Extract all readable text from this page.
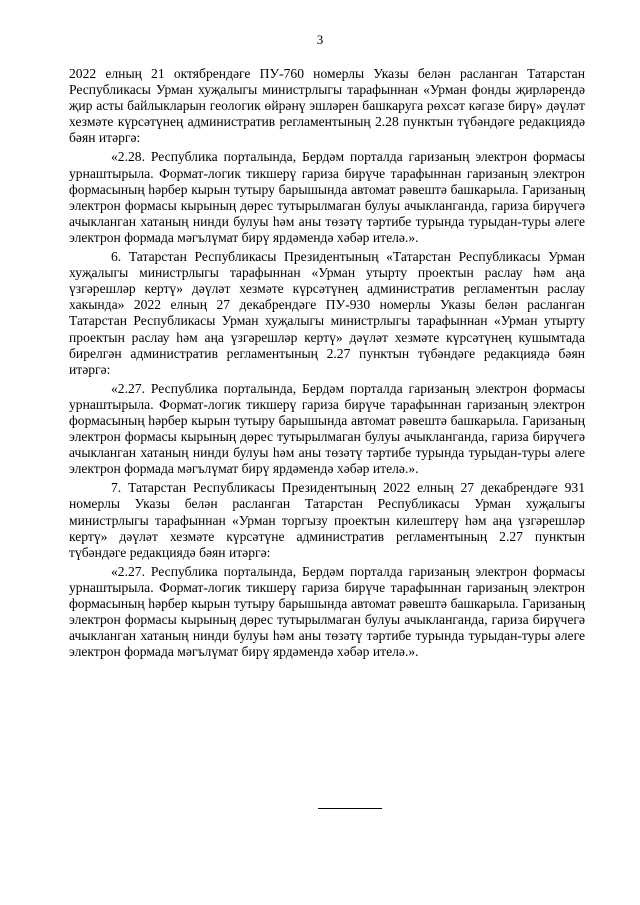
3

2022 елның 21 октябрендәге ПУ-760 номерлы Указы белән расланган Татарстан Республикасы Урман хуҗалыгы министрлыгы тарафыннан «Урман фонды җирләрендә җир асты байлыкларын геологик өйрәнү эшләрен башкаруга рөхсәт кәгазе бирү» дәүләт хезмәте күрсәтүнең административ регламентының 2.28 пунктын түбәндәге редакциядә бәян итәргә:

«2.28. Республика порталында, Бердәм порталда гаризаның электрон формасы урнаштырыла. Формат-логик тикшерү гариза бирүче тарафыннан гаризаның электрон формасының һәрбер кырын тутыру барышында автомат рәвештә башкарыла. Гаризаның электрон формасы кырының дөрес тутырылмаган булуы ачыкланганда, гариза бирүчегә ачыкланган хатаның нинди булуы һәм аны төзәтү тәртибе турында турыдан-туры әлеге электрон формада мәгълүмат бирү ярдәмендә хәбәр ителә.».

6. Татарстан Республикасы Президентының «Татарстан Республикасы Урман хуҗалыгы министрлыгы тарафыннан «Урман утырту проектын раслау һәм аңа үзгәрешләр кертү» дәүләт хезмәте күрсәтүнең административ регламентын раслау хакында» 2022 елның 27 декабрендәге ПУ-930 номерлы Указы белән расланган Татарстан Республикасы Урман хуҗалыгы министрлыгы тарафыннан «Урман утырту проектын раслау һәм аңа үзгәрешләр кертү» дәүләт хезмәте күрсәтүнең кушымтада бирелгән административ регламентының 2.27 пунктын түбәндәге редакциядә бәян итәргә:

«2.27. Республика порталында, Бердәм порталда гаризаның электрон формасы урнаштырыла. Формат-логик тикшерү гариза бирүче тарафыннан гаризаның электрон формасының һәрбер кырын тутыру барышында автомат рәвештә башкарыла. Гаризаның электрон формасы кырының дөрес тутырылмаган булуы ачыкланганда, гариза бирүчегә ачыкланган хатаның нинди булуы һәм аны төзәтү тәртибе турында турыдан-туры әлеге электрон формада мәгълүмат бирү ярдәмендә хәбәр ителә.».

7. Татарстан Республикасы Президентының 2022 елның 27 декабрендәге 931 номерлы Указы белән расланган Татарстан Республикасы Урман хуҗалыгы министрлыгы тарафыннан «Урман торгызу проектын килештерү һәм аңа үзгәрешләр кертү» дәүләт хезмәте күрсәтүне административ регламентының 2.27 пунктын түбәндәге редакциядә бәян итәргә:

«2.27. Республика порталында, Бердәм порталда гаризаның электрон формасы урнаштырыла. Формат-логик тикшерү гариза бирүче тарафыннан гаризаның электрон формасының һәрбер кырын тутыру барышында автомат рәвештә башкарыла. Гаризаның электрон формасы кырының дөрес тутырылмаган булуы ачыкланганда, гариза бирүчегә ачыкланган хатаның нинди булуы һәм аны төзәтү тәртибе турында турыдан-туры әлеге электрон формада мәгълүмат бирү ярдәмендә хәбәр ителә.».
